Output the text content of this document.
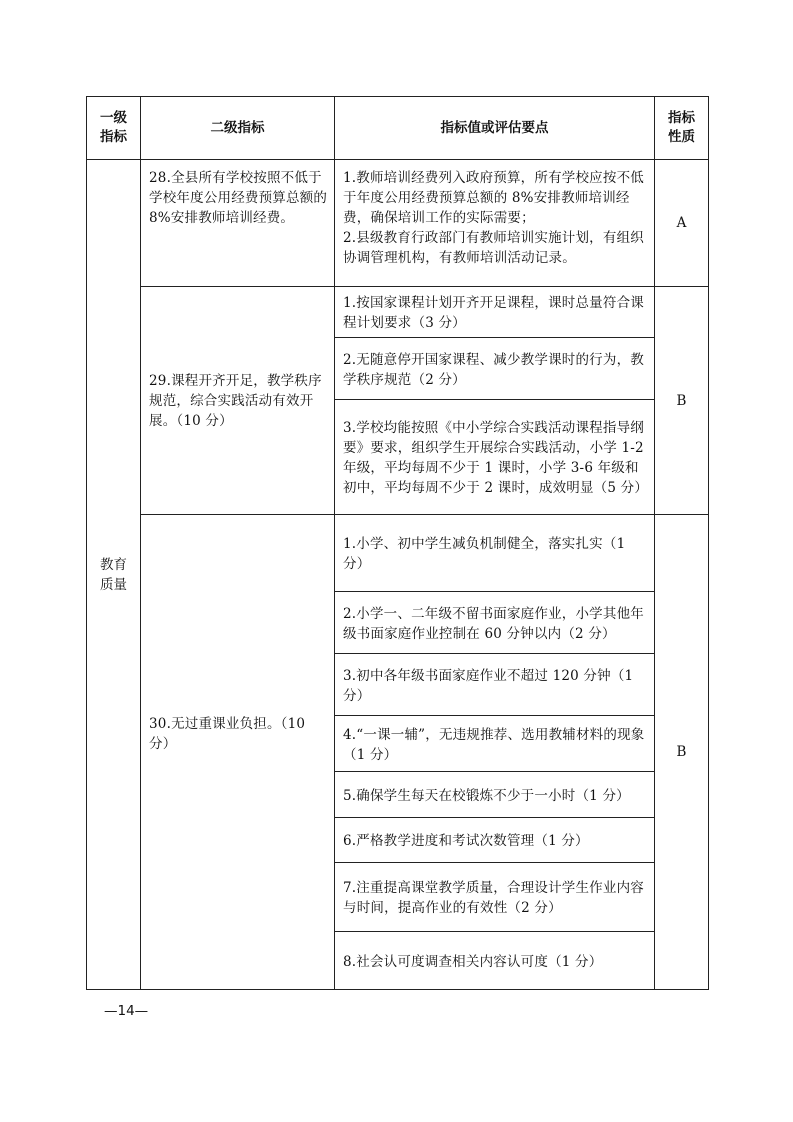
一级
指标	二级指标	指标值或评估要点	指标
性质
教育
质量	28.全县所有学校按照不低于学校年度公用经费预算总额的 8%安排教师培训经费。	1.教师培训经费列入政府预算，所有学校应按不低于年度公用经费预算总额的 8%安排教师培训经费，确保培训工作的实际需要；
2.县级教育行政部门有教师培训实施计划，有组织协调管理机构，有教师培训活动记录。	A
	29.课程开齐开足，教学秩序规范，综合实践活动有效开展。（10 分）	1.按国家课程计划开齐开足课程，课时总量符合课程计划要求（3 分）	B
		2.无随意停开国家课程、减少教学课时的行为，教学秩序规范（2 分）	
		3.学校均能按照《中小学综合实践活动课程指导纲要》要求，组织学生开展综合实践活动，小学 1-2 年级，平均每周不少于 1 课时，小学 3-6 年级和初中，平均每周不少于 2 课时，成效明显（5 分）	
	30.无过重课业负担。（10 分）	1.小学、初中学生减负机制健全，落实扎实（1 分）	B
		2.小学一、二年级不留书面家庭作业，小学其他年级书面家庭作业控制在 60 分钟以内（2 分）	
		3.初中各年级书面家庭作业不超过 120 分钟（1 分）	
		4.“一课一辅”，无违规推荐、选用教辅材料的现象（1 分）	
		5.确保学生每天在校锻炼不少于一小时（1 分）	
		6.严格教学进度和考试次数管理（1 分）	
		7.注重提高课堂教学质量，合理设计学生作业内容与时间，提高作业的有效性（2 分）	
		8.社会认可度调查相关内容认可度（1 分）	
—14—
